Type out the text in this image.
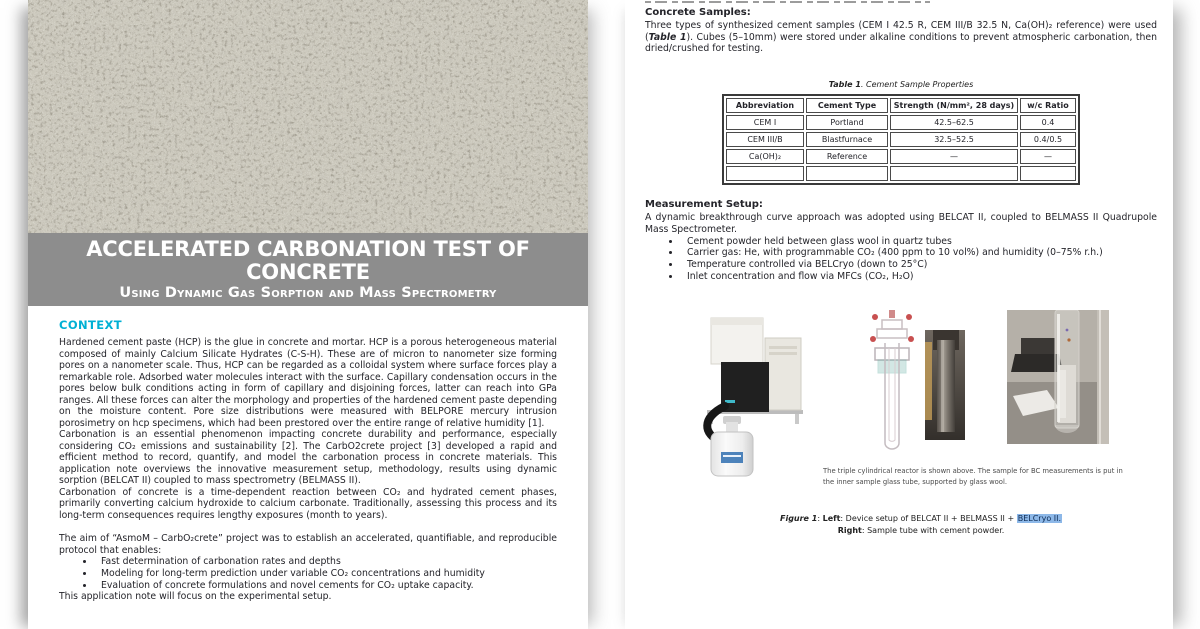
ACCELERATED CARBONATION TEST OF CONCRETE
Using Dynamic Gas Sorption and Mass Spectrometry
CONTEXT

Hardened cement paste (HCP) is the glue in concrete and mortar. HCP is a porous heterogeneous material composed of mainly Calcium Silicate Hydrates (C-S-H). These are of micron to nanometer size forming pores on a nanometer scale. Thus, HCP can be regarded as a colloidal system where surface forces play a remarkable role. Adsorbed water molecules interact with the surface. Capillary condensation occurs in the pores below bulk conditions acting in form of capillary and disjoining forces, latter can reach into GPa ranges. All these forces can alter the morphology and properties of the hardened cement paste depending on the moisture content. Pore size distributions were measured with BELPORE mercury intrusion porosimetry on hcp specimens, which had been prestored over the entire range of relative humidity [1].

Carbonation is an essential phenomenon impacting concrete durability and performance, especially considering CO₂ emissions and sustainability [2]. The CarbO2crete project [3] developed a rapid and efficient method to record, quantify, and model the carbonation process in concrete materials. This application note overviews the innovative measurement setup, methodology, results using dynamic sorption (BELCAT II) coupled to mass spectrometry (BELMASS II).

Carbonation of concrete is a time-dependent reaction between CO₂ and hydrated cement phases, primarily converting calcium hydroxide to calcium carbonate. Traditionally, assessing this process and its long-term consequences requires lengthy exposures (month to years).

The aim of “AsmoM – CarbO₂crete” project was to establish an accelerated, quantifiable, and reproducible protocol that enables:

• Fast determination of carbonation rates and depths
• Modeling for long-term prediction under variable CO₂ concentrations and humidity
• Evaluation of concrete formulations and novel cements for CO₂ uptake capacity.

This application note will focus on the experimental setup.

Concrete Samples:

Three types of synthesized cement samples (CEM I 42.5 R, CEM III/B 32.5 N, Ca(OH)₂ reference) were used (Table 1). Cubes (5–10mm) were stored under alkaline conditions to prevent atmospheric carbonation, then dried/crushed for testing.

Table 1. Cement Sample Properties
Abbreviation	Cement Type	Strength (N/mm², 28 days)	w/c Ratio
CEM I	Portland	42.5–62.5	0.4
CEM III/B	Blastfurnace	32.5–52.5	0.4/0.5
Ca(OH)₂	Reference	—	—

Measurement Setup:

A dynamic breakthrough curve approach was adopted using BELCAT II, coupled to BELMASS II Quadrupole Mass Spectrometer.

• Cement powder held between glass wool in quartz tubes
• Carrier gas: He, with programmable CO₂ (400 ppm to 10 vol%) and humidity (0–75% r.h.)
• Temperature controlled via BELCryo (down to 25°C)
• Inlet concentration and flow via MFCs (CO₂, H₂O)
The triple cylindrical reactor is shown above. The sample for BC measurements is put in the inner sample glass tube, supported by glass wool.
Figure 1: Left: Device setup of BELCAT II + BELMASS II + BELCryo II.
Right: Sample tube with cement powder.
